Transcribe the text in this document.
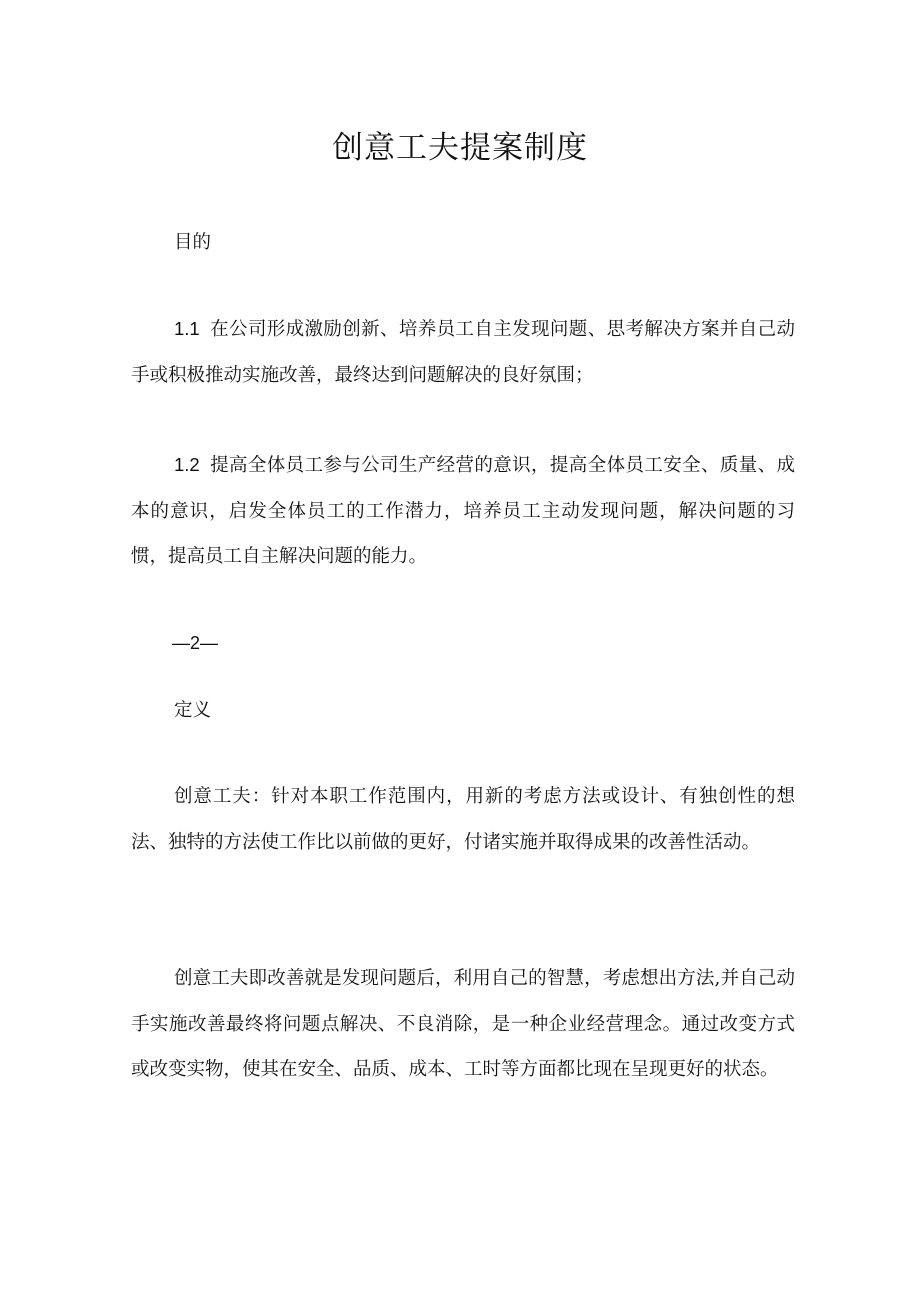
创意工夫提案制度

目的

1.1 在公司形成激励创新、培养员工自主发现问题、思考解决方案并自己动手或积极推动实施改善，最终达到问题解决的良好氛围；

1.2 提高全体员工参与公司生产经营的意识，提高全体员工安全、质量、成本的意识，启发全体员工的工作潜力，培养员工主动发现问题，解决问题的习惯，提高员工自主解决问题的能力。

—2—

定义

创意工夫：针对本职工作范围内，用新的考虑方法或设计、有独创性的想法、独特的方法使工作比以前做的更好，付诸实施并取得成果的改善性活动。

创意工夫即改善就是发现问题后，利用自己的智慧，考虑想出方法,并自己动手实施改善最终将问题点解决、不良消除，是一种企业经营理念。通过改变方式或改变实物，使其在安全、品质、成本、工时等方面都比现在呈现更好的状态。
